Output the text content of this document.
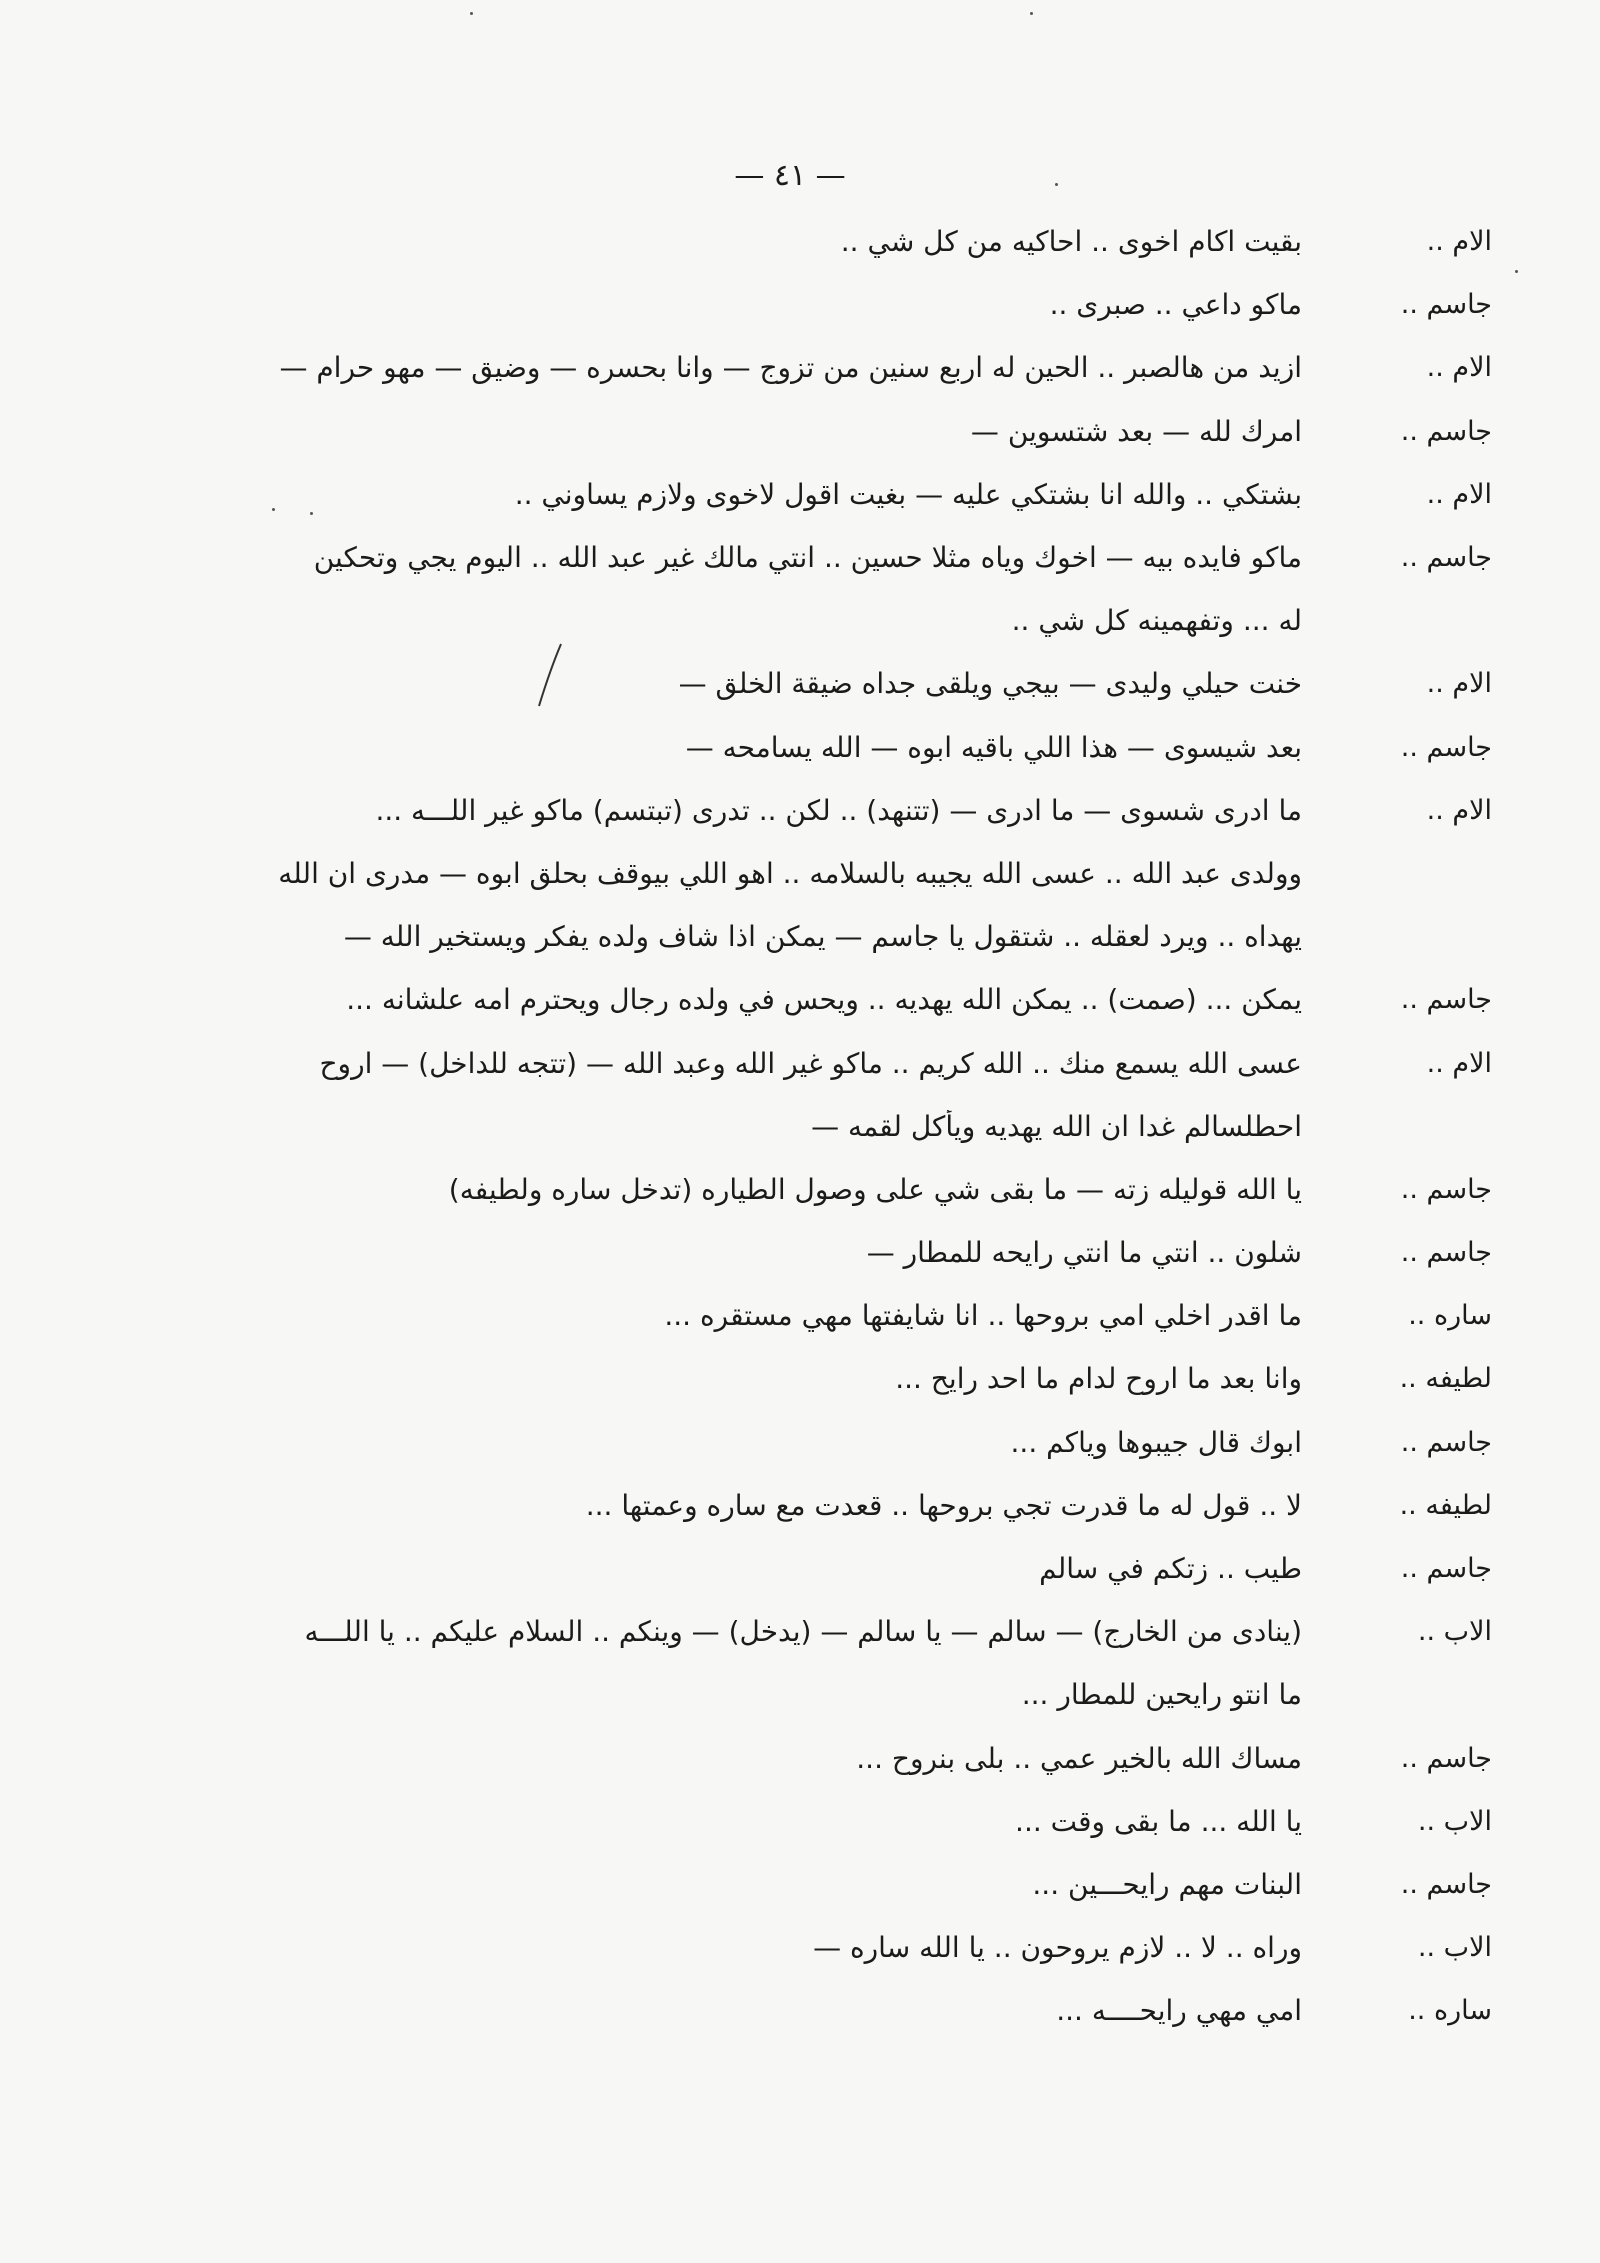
— ٤١ —
الام ..
بقيت اكام اخوى .. احاكيه من كل شي ..
جاسم ..
ماكو داعي .. صبرى ..
الام ..
ازيد من هالصبر .. الحين له اربع سنين من تزوج — وانا بحسره — وضيق — مهو حرام —
جاسم ..
امرك لله — بعد شتسوين —
الام ..
بشتكي .. والله انا بشتكي عليه — بغيت اقول لاخوى ولازم يساوني ..
جاسم ..
ماكو فايده بيه — اخوك وياه مثلا حسين .. انتي مالك غير عبد الله .. اليوم يجي وتحكين
له ... وتفهمينه كل شي ..
الام ..
خنت حيلي وليدى — بيجي ويلقى جداه ضيقة الخلق —
جاسم ..
بعد شيسوى — هذا اللي باقيه ابوه — الله يسامحه —
الام ..
ما ادرى شسوى — ما ادرى — (تتنهد) .. لكن .. تدرى (تبتسم) ماكو غير اللـــه ...
وولدى عبد الله .. عسى الله يجيبه بالسلامه .. اهو اللي بيوقف بحلق ابوه — مدرى ان الله
يهداه .. ويرد لعقله .. شتقول يا جاسم — يمكن اذا شاف ولده يفكر ويستخير الله —
جاسم ..
يمكن ... (صمت) .. يمكن الله يهديه .. ويحس في ولده رجال ويحترم امه علشانه ...
الام ..
عسى الله يسمع منك .. الله كريم .. ماكو غير الله وعبد الله — (تتجه للداخل) — اروح
احطلسالم غدا ان الله يهديه ويأكل لقمه —
جاسم ..
يا الله قوليله زته — ما بقى شي على وصول الطياره (تدخل ساره ولطيفه)
جاسم ..
شلون .. انتي ما انتي رايحه للمطار —
ساره ..
ما اقدر اخلي امي بروحها .. انا شايفتها مهي مستقره ...
لطيفه ..
وانا بعد ما اروح لدام ما احد رايح ...
جاسم ..
ابوك قال جيبوها وياكم ...
لطيفه ..
لا .. قول له ما قدرت تجي بروحها .. قعدت مع ساره وعمتها ...
جاسم ..
طيب .. زتكم في سالم
الاب ..
(ينادى من الخارج) — سالم — يا سالم — (يدخل) — وينكم .. السلام عليكم .. يا اللـــه
ما انتو رايحين للمطار ...
جاسم ..
مساك الله بالخير عمي .. بلى بنروح ...
الاب ..
يا الله ... ما بقى وقت ...
جاسم ..
البنات مهم رايحـــين ...
الاب ..
وراه .. لا .. لازم يروحون .. يا الله ساره —
ساره ..
امي مهي رايحــــه ...
